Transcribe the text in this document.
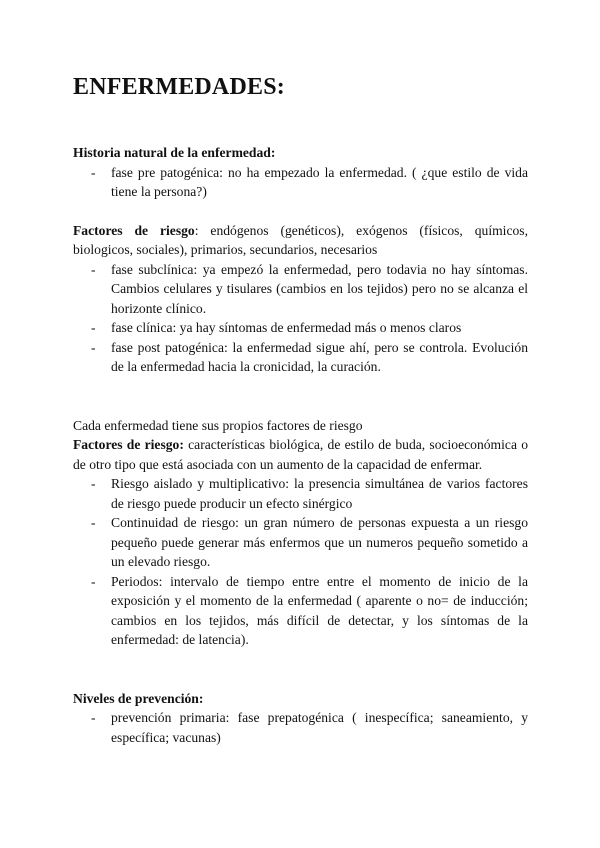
ENFERMEDADES:

Historia natural de la enfermedad:

- fase pre patogénica: no ha empezado la enfermedad. ( ¿que estilo de vida tiene la persona?)

Factores de riesgo: endógenos (genéticos), exógenos (físicos, químicos, biologicos, sociales), primarios, secundarios, necesarios

- fase subclínica: ya empezó la enfermedad, pero todavia no hay síntomas. Cambios celulares y tisulares (cambios en los tejidos) pero no se alcanza el horizonte clínico.
- fase clínica: ya hay síntomas de enfermedad más o menos claros
- fase post patogénica: la enfermedad sigue ahí, pero se controla. Evolución de la enfermedad hacia la cronicidad, la curación.

Cada enfermedad tiene sus propios factores de riesgo

Factores de riesgo: características biológica, de estilo de buda, socioeconómica o de otro tipo que está asociada con un aumento de la capacidad de enfermar.

- Riesgo aislado y multiplicativo: la presencia simultánea de varios factores de riesgo puede producir un efecto sinérgico
- Continuidad de riesgo: un gran número de personas expuesta a un riesgo pequeño puede generar más enfermos que un numeros pequeño sometido a un elevado riesgo.
- Periodos: intervalo de tiempo entre entre el momento de inicio de la exposición y el momento de la enfermedad ( aparente o no= de inducción; cambios en los tejidos, más difícil de detectar, y los síntomas de la enfermedad: de latencia).

Niveles de prevención:

- prevención primaria: fase prepatogénica ( inespecífica; saneamiento, y específica; vacunas)
